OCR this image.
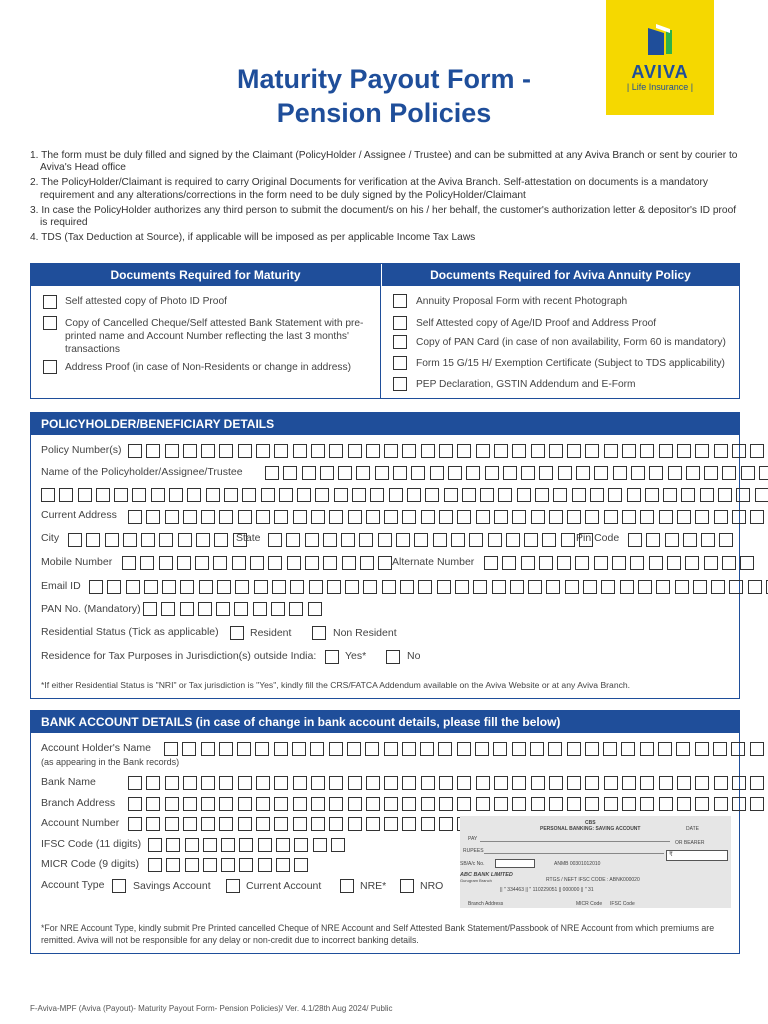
Maturity Payout Form -
Pension Policies
AVIVA
| Life Insurance |
1. The form must be duly filled and signed by the Claimant (PolicyHolder / Assignee / Trustee) and can be submitted at any Aviva Branch or sent by courier to Aviva's Head office
2. The PolicyHolder/Claimant is required to carry Original Documents for verification at the Aviva Branch. Self-attestation on documents is a mandatory requirement and any alterations/corrections in the form need to be duly signed by the PolicyHolder/Claimant
3. In case the PolicyHolder authorizes any third person to submit the document/s on his / her behalf, the customer's authorization letter & depositor's ID proof is required
4. TDS (Tax Deduction at Source), if applicable will be imposed as per applicable Income Tax Laws
Documents Required for Maturity	Documents Required for Aviva Annuity Policy
Self attested copy of Photo ID Proof
Copy of Cancelled Cheque/Self attested Bank Statement with pre-printed name and Account Number reflecting the last 3 months' transactions
Address Proof (in case of Non-Residents or change in address)
Annuity Proposal Form with recent Photograph
Self Attested copy of Age/ID Proof and Address Proof
Copy of PAN Card (in case of non availability, Form 60 is mandatory)
Form 15 G/15 H/ Exemption Certificate (Subject to TDS applicability)
PEP Declaration, GSTIN Addendum and E-Form
POLICYHOLDER/BENEFICIARY DETAILS
Policy Number(s)
Name of the Policyholder/Assignee/Trustee
Current Address
City	State	Pin Code
Mobile Number	Alternate Number
Email ID
PAN No. (Mandatory)
Residential Status (Tick as applicable)	Resident	Non Resident
Residence for Tax Purposes in Jurisdiction(s) outside India:	Yes*	No
*If either Residential Status is "NRI" or Tax jurisdiction is "Yes", kindly fill the CRS/FATCA Addendum available on the Aviva Website or at any Aviva Branch.
BANK ACCOUNT DETAILS (in case of change in bank account details, please fill the below)
Account Holder's Name
(as appearing in the Bank records)
Bank Name
Branch Address
Account Number
IFSC Code (11 digits)
MICR Code (9 digits)
Account Type	Savings Account	Current Account	NRE*	NRO
CBS
PERSONAL BANKING: SAVING ACCOUNT	DATE
PAY
OR BEARER
RUPEES
₹
SB/A/c No.	ANMB 00301012010
ABC BANK LIMITED
Gurugram Branch	RTGS / NEFT IFSC CODE : ABNK000020
|| '' 334463 || '' 110229051 || 000000 || '' 31
Branch Address	MICR Code IFSC Code
*For NRE Account Type, kindly submit Pre Printed cancelled Cheque of NRE Account and Self Attested Bank Statement/Passbook of NRE Account from which premiums are remitted. Aviva will not be responsible for any delay or non-credit due to incorrect banking details.
F-Aviva-MPF (Aviva (Payout)- Maturity Payout Form- Pension Policies)/ Ver. 4.1/28th Aug 2024/ Public
